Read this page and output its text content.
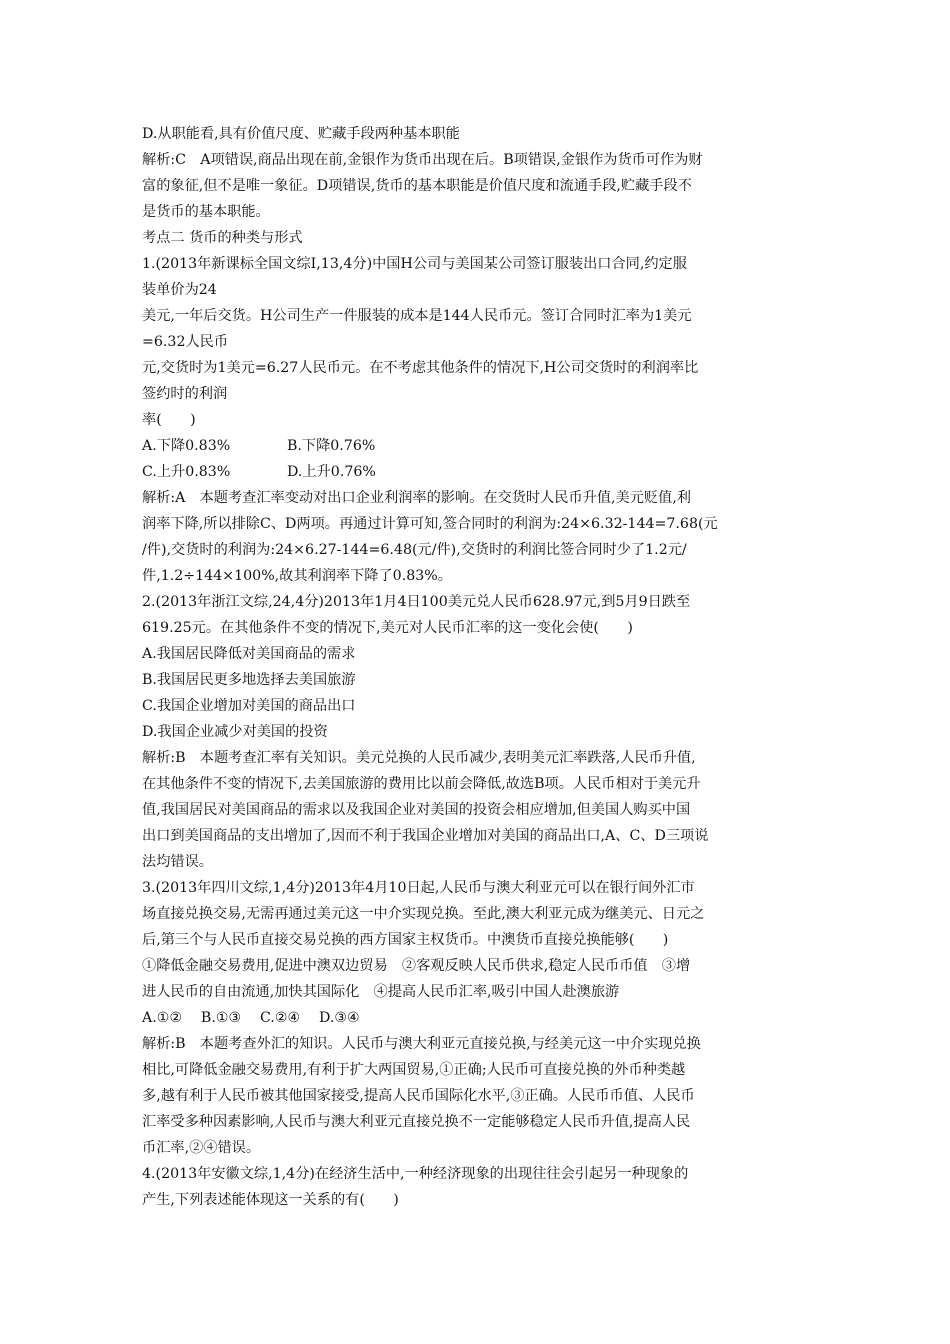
D.从职能看,具有价值尺度、贮藏手段两种基本职能
解析:C　A项错误,商品出现在前,金银作为货币出现在后。B项错误,金银作为货币可作为财
富的象征,但不是唯一象征。D项错误,货币的基本职能是价值尺度和流通手段,贮藏手段不
是货币的基本职能。
考点二 货币的种类与形式
1.(2013年新课标全国文综Ⅰ,13,4分)中国H公司与美国某公司签订服装出口合同,约定服
装单价为24
美元,一年后交货。H公司生产一件服装的成本是144人民币元。签订合同时汇率为1美元
=6.32人民币
元,交货时为1美元=6.27人民币元。在不考虑其他条件的情况下,H公司交货时的利润率比
签约时的利润
率(　　)
A.下降0.83%　　　　B.下降0.76%
C.上升0.83%　　　　D.上升0.76%
解析:A　本题考查汇率变动对出口企业利润率的影响。在交货时人民币升值,美元贬值,利
润率下降,所以排除C、D两项。再通过计算可知,签合同时的利润为:24×6.32-144=7.68(元
/件),交货时的利润为:24×6.27-144=6.48(元/件),交货时的利润比签合同时少了1.2元/
件,1.2÷144×100%,故其利润率下降了0.83%。
2.(2013年浙江文综,24,4分)2013年1月4日100美元兑人民币628.97元,到5月9日跌至
619.25元。在其他条件不变的情况下,美元对人民币汇率的这一变化会使(　　)
A.我国居民降低对美国商品的需求
B.我国居民更多地选择去美国旅游
C.我国企业增加对美国的商品出口
D.我国企业减少对美国的投资
解析:B　本题考查汇率有关知识。美元兑换的人民币减少,表明美元汇率跌落,人民币升值,
在其他条件不变的情况下,去美国旅游的费用比以前会降低,故选B项。人民币相对于美元升
值,我国居民对美国商品的需求以及我国企业对美国的投资会相应增加,但美国人购买中国
出口到美国商品的支出增加了,因而不利于我国企业增加对美国的商品出口,A、C、D三项说
法均错误。
3.(2013年四川文综,1,4分)2013年4月10日起,人民币与澳大利亚元可以在银行间外汇市
场直接兑换交易,无需再通过美元这一中介实现兑换。至此,澳大利亚元成为继美元、日元之
后,第三个与人民币直接交易兑换的西方国家主权货币。中澳货币直接兑换能够(　　)
①降低金融交易费用,促进中澳双边贸易　②客观反映人民币供求,稳定人民币币值　③增
进人民币的自由流通,加快其国际化　④提高人民币汇率,吸引中国人赴澳旅游
A.①②　 B.①③　 C.②④　 D.③④
解析:B　本题考查外汇的知识。人民币与澳大利亚元直接兑换,与经美元这一中介实现兑换
相比,可降低金融交易费用,有利于扩大两国贸易,①正确;人民币可直接兑换的外币种类越
多,越有利于人民币被其他国家接受,提高人民币国际化水平,③正确。人民币币值、人民币
汇率受多种因素影响,人民币与澳大利亚元直接兑换不一定能够稳定人民币升值,提高人民
币汇率,②④错误。
4.(2013年安徽文综,1,4分)在经济生活中,一种经济现象的出现往往会引起另一种现象的
产生,下列表述能体现这一关系的有(　　)
